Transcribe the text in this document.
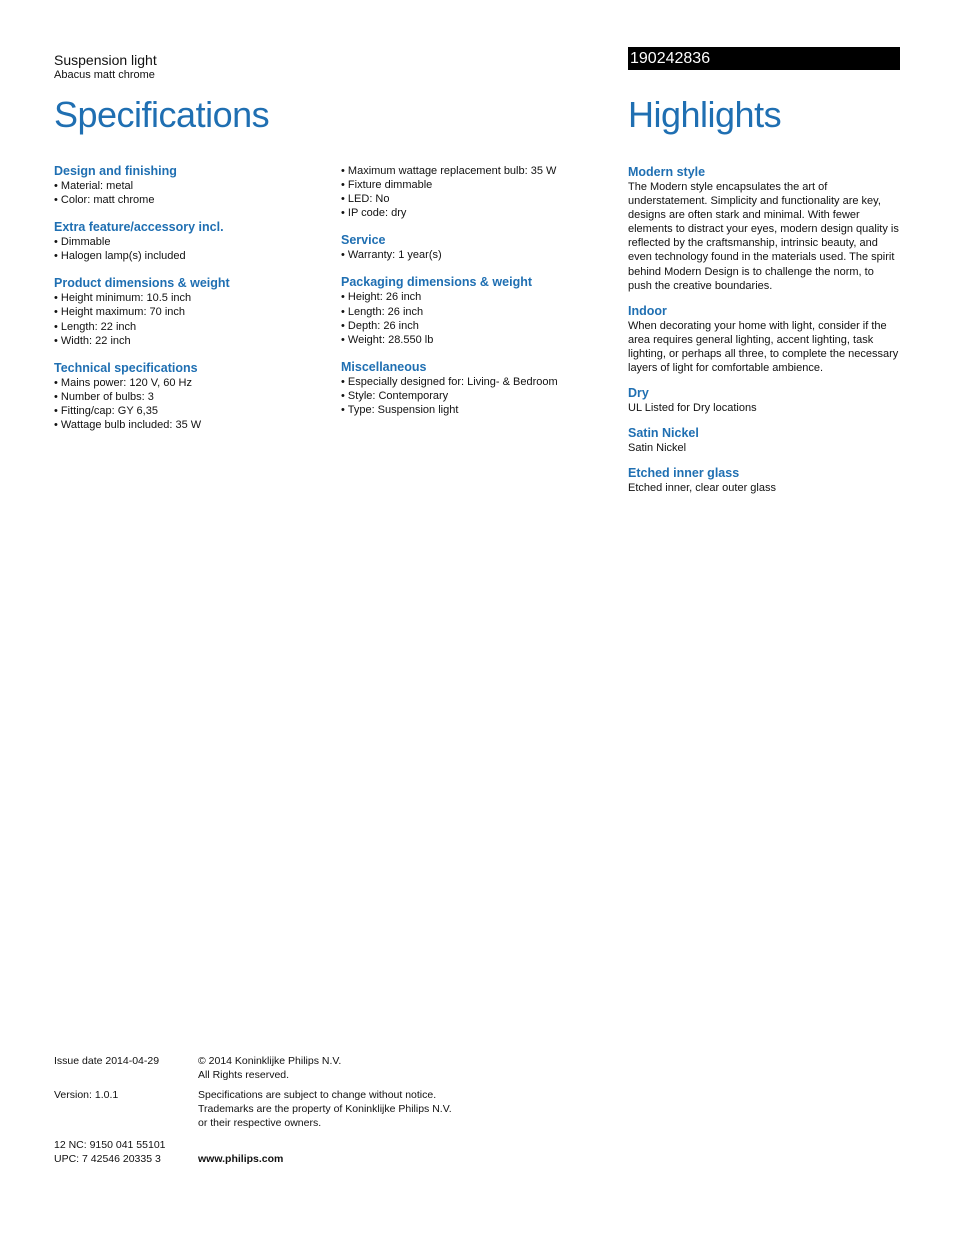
Suspension light
Abacus matt chrome
190242836
Specifications	Highlights
Design and finishing
• Material: metal
• Color: matt chrome
Extra feature/accessory incl.
• Dimmable
• Halogen lamp(s) included
Product dimensions & weight
• Height minimum: 10.5 inch
• Height maximum: 70 inch
• Length: 22 inch
• Width: 22 inch
Technical specifications
• Mains power: 120 V, 60 Hz
• Number of bulbs: 3
• Fitting/cap: GY 6,35
• Wattage bulb included: 35 W
• Maximum wattage replacement bulb: 35 W
• Fixture dimmable
• LED: No
• IP code: dry
Service
• Warranty: 1 year(s)
Packaging dimensions & weight
• Height: 26 inch
• Length: 26 inch
• Depth: 26 inch
• Weight: 28.550 lb
Miscellaneous
• Especially designed for: Living- & Bedroom
• Style: Contemporary
• Type: Suspension light
Modern style
The Modern style encapsulates the art of understatement. Simplicity and functionality are key, designs are often stark and minimal. With fewer elements to distract your eyes, modern design quality is reflected by the craftsmanship, intrinsic beauty, and even technology found in the materials used. The spirit behind Modern Design is to challenge the norm, to push the creative boundaries.
Indoor
When decorating your home with light, consider if the area requires general lighting, accent lighting, task lighting, or perhaps all three, to complete the necessary layers of light for comfortable ambience.
Dry
UL Listed for Dry locations
Satin Nickel
Satin Nickel
Etched inner glass
Etched inner, clear outer glass
Issue date 2014-04-29	© 2014 Koninklijke Philips N.V.
All Rights reserved.
Version: 1.0.1	Specifications are subject to change without notice.
Trademarks are the property of Koninklijke Philips N.V.
or their respective owners.
12 NC: 9150 041 55101
UPC: 7 42546 20335 3	www.philips.com
